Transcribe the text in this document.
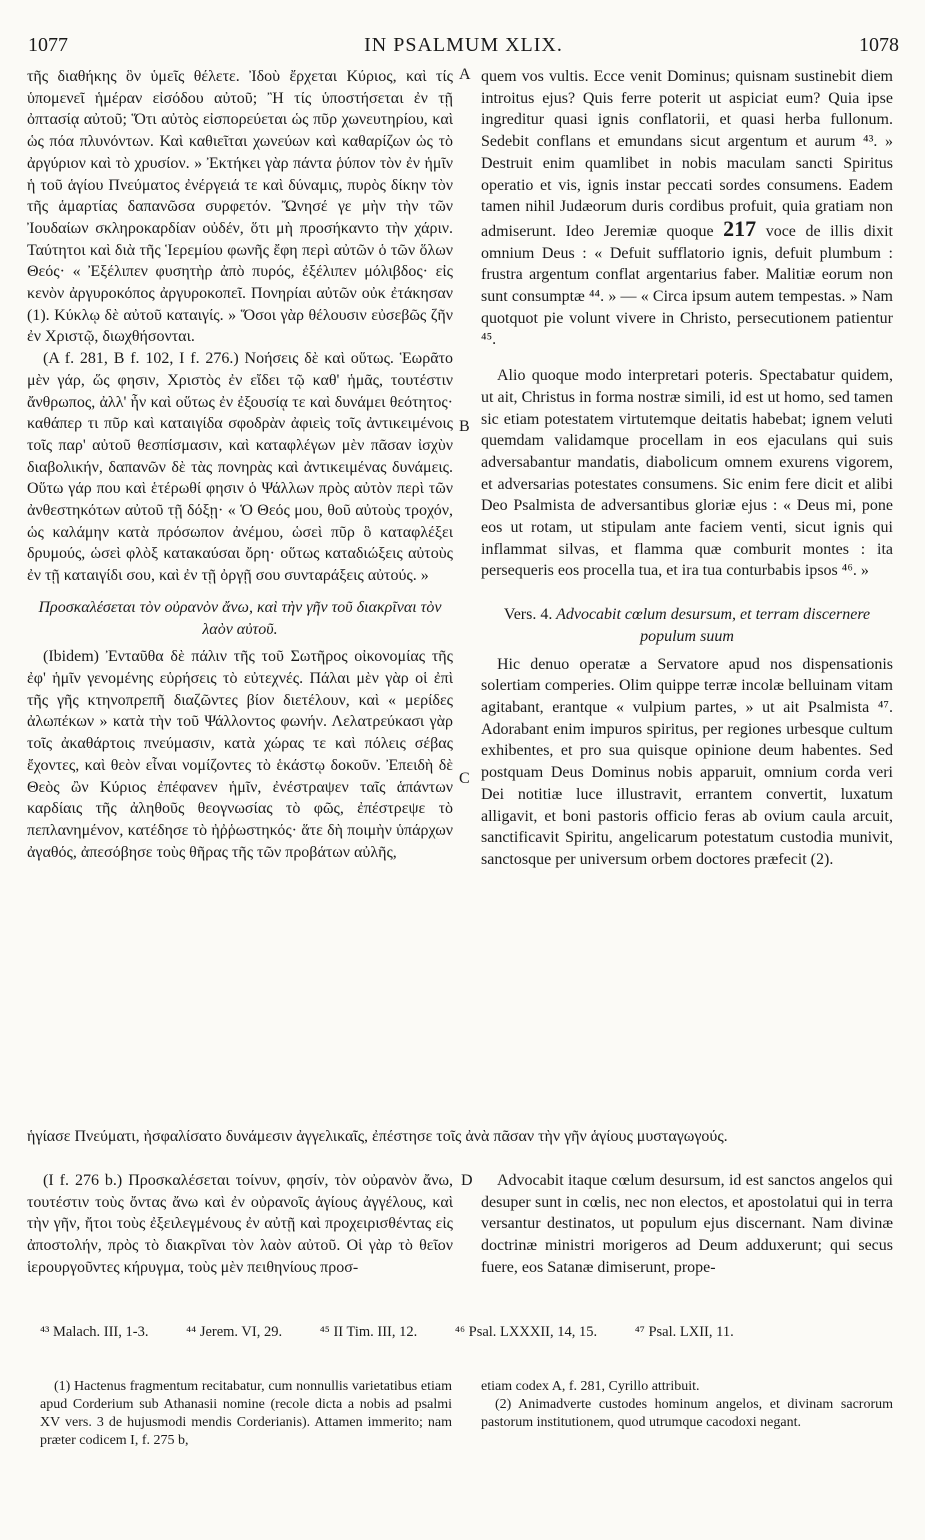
1077	IN PSALMUM XLIX.	1078

τῆς διαθήκης ὃν ὑμεῖς θέλετε. Ἰδοὺ ἔρχεται Κύριος, καὶ τίς ὑπομενεῖ ἡμέραν εἰσόδου αὐτοῦ; Ἢ τίς ὑποστήσεται ἐν τῇ ὀπτασίᾳ αὐτοῦ; Ὅτι αὐτὸς εἰσπορεύεται ὡς πῦρ χωνευτηρίου, καὶ ὡς πόα πλυνόντων. Καὶ καθιεῖται χωνεύων καὶ καθαρίζων ὡς τὸ ἀργύριον καὶ τὸ χρυσίον. » Ἐκτήκει γὰρ πάντα ῥύπον τὸν ἐν ἡμῖν ἡ τοῦ ἁγίου Πνεύματος ἐνέργειά τε καὶ δύναμις, πυρὸς δίκην τὸν τῆς ἁμαρτίας δαπανῶσα συρφετόν. Ὤνησέ γε μὴν τὴν τῶν Ἰουδαίων σκληροκαρδίαν οὐδέν, ὅτι μὴ προσήκαντο τὴν χάριν. Ταύτητοι καὶ διὰ τῆς Ἱερεμίου φωνῆς ἔφη περὶ αὐτῶν ὁ τῶν ὅλων Θεός· « Ἐξέλιπεν φυσητὴρ ἀπὸ πυρός, ἐξέλιπεν μόλιβδος· εἰς κενὸν ἀργυροκόπος ἀργυροκοπεῖ. Πονηρίαι αὐτῶν οὐκ ἐτάκησαν (1). Κύκλῳ δὲ αὐτοῦ καταιγίς. » Ὅσοι γὰρ θέλουσιν εὐσεβῶς ζῆν ἐν Χριστῷ, διωχθήσονται.

(A f. 281, B f. 102, I f. 276.) Νοήσεις δὲ καὶ οὕτως. Ἑωρᾶτο μὲν γάρ, ὥς φησιν, Χριστὸς ἐν εἴδει τῷ καθ' ἡμᾶς, τουτέστιν ἄνθρωπος, ἀλλ' ἦν καὶ οὕτως ἐν ἐξουσίᾳ τε καὶ δυνάμει θεότητος· καθάπερ τι πῦρ καὶ καταιγίδα σφοδρὰν ἀφιεὶς τοῖς ἀντικειμένοις τοῖς παρ' αὐτοῦ θεσπίσμασιν, καὶ καταφλέγων μὲν πᾶσαν ἰσχὺν διαβολικήν, δαπανῶν δὲ τὰς πονηρὰς καὶ ἀντικειμένας δυνάμεις. Οὕτω γάρ που καὶ ἑτέρωθί φησιν ὁ Ψάλλων πρὸς αὐτὸν περὶ τῶν ἀνθεστηκότων αὐτοῦ τῇ δόξῃ· « Ὁ Θεός μου, θοῦ αὐτοὺς τροχόν, ὡς καλάμην κατὰ πρόσωπον ἀνέμου, ὡσεὶ πῦρ ὃ καταφλέξει δρυμούς, ὡσεὶ φλὸξ κατακαύσαι ὄρη· οὕτως καταδιώξεις αὐτοὺς ἐν τῇ καταιγίδι σου, καὶ ἐν τῇ ὀργῇ σου συνταράξεις αὐτούς. »

Προσκαλέσεται τὸν οὐρανὸν ἄνω, καὶ τὴν γῆν τοῦ διακρῖναι τὸν λαὸν αὐτοῦ.

(Ibidem) Ἐνταῦθα δὲ πάλιν τῆς τοῦ Σωτῆρος οἰκονομίας τῆς ἐφ' ἡμῖν γενομένης εὑρήσεις τὸ εὐτεχνές. Πάλαι μὲν γὰρ οἱ ἐπὶ τῆς γῆς κτηνοπρεπῆ διαζῶντες βίον διετέλουν, καὶ « μερίδες ἀλωπέκων » κατὰ τὴν τοῦ Ψάλλοντος φωνήν. Λελατρεύκασι γὰρ τοῖς ἀκαθάρτοις πνεύμασιν, κατὰ χώρας τε καὶ πόλεις σέβας ἔχοντες, καὶ θεὸν εἶναι νομίζοντες τὸ ἑκάστῳ δοκοῦν. Ἐπειδὴ δὲ Θεὸς ὢν Κύριος ἐπέφανεν ἡμῖν, ἐνέστραψεν ταῖς ἁπάντων καρδίαις τῆς ἀληθοῦς θεογνωσίας τὸ φῶς, ἐπέστρεψε τὸ πεπλανημένον, κατέδησε τὸ ἠῤῥωστηκός· ἅτε δὴ ποιμὴν ὑπάρχων ἀγαθός, ἀπεσόβησε τοὺς θῆρας τῆς τῶν προβάτων αὐλῆς,

ἡγίασε Πνεύματι, ἠσφαλίσατο δυνάμεσιν ἀγγελικαῖς, ἐπέστησε τοῖς ἀνὰ πᾶσαν τὴν γῆν ἁγίους μυσταγωγούς.

(I f. 276 b.) Προσκαλέσεται τοίνυν, φησίν, τὸν οὐρανὸν ἄνω, τουτέστιν τοὺς ὄντας ἄνω καὶ ἐν οὐρανοῖς ἁγίους ἀγγέλους, καὶ τὴν γῆν, ἤτοι τοὺς ἐξειλεγμένους ἐν αὐτῇ καὶ προχειρισθέντας εἰς ἀποστολήν, πρὸς τὸ διακρῖναι τὸν λαὸν αὐτοῦ. Οἱ γὰρ τὸ θεῖον ἱερουργοῦντες κήρυγμα, τοὺς μὲν πειθηνίους προσ-

quem vos vultis. Ecce venit Dominus; quisnam sustinebit diem introitus ejus? Quis ferre poterit ut aspiciat eum? Quia ipse ingreditur quasi ignis conflatorii, et quasi herba fullonum. Sedebit conflans et emundans sicut argentum et aurum ⁴³. » Destruit enim quamlibet in nobis maculam sancti Spiritus operatio et vis, ignis instar peccati sordes consumens. Eadem tamen nihil Judæorum duris cordibus profuit, quia gratiam non admiserunt. Ideo Jeremiæ quoque 217 voce de illis dixit omnium Deus : « Defuit sufflatorio ignis, defuit plumbum : frustra argentum conflat argentarius faber. Malitiæ eorum non sunt consumptæ ⁴⁴. » — « Circa ipsum autem tempestas. » Nam quotquot pie volunt vivere in Christo, persecutionem patientur ⁴⁵.

Alio quoque modo interpretari poteris. Spectabatur quidem, ut ait, Christus in forma nostræ simili, id est ut homo, sed tamen sic etiam potestatem virtutemque deitatis habebat; ignem veluti quemdam validamque procellam in eos ejaculans qui suis adversabantur mandatis, diabolicum omnem exurens vigorem, et adversarias potestates consumens. Sic enim fere dicit et alibi Deo Psalmista de adversantibus gloriæ ejus : « Deus mi, pone eos ut rotam, ut stipulam ante faciem venti, sicut ignis qui inflammat silvas, et flamma quæ comburit montes : ita persequeris eos procella tua, et ira tua conturbabis ipsos ⁴⁶. »

Vers. 4. Advocabit cœlum desursum, et terram discernere populum suum

Hic denuo operatæ a Servatore apud nos dispensationis solertiam comperies. Olim quippe terræ incolæ belluinam vitam agitabant, erantque « vulpium partes, » ut ait Psalmista ⁴⁷. Adorabant enim impuros spiritus, per regiones urbesque cultum exhibentes, et pro sua quisque opinione deum habentes. Sed postquam Deus Dominus nobis apparuit, omnium corda veri Dei notitiæ luce illustravit, errantem convertit, luxatum alligavit, et boni pastoris officio feras ab ovium caula arcuit, sanctificavit Spiritu, angelicarum potestatum custodia munivit, sanctosque per universum orbem doctores præfecit (2).

Advocabit itaque cœlum desursum, id est sanctos angelos qui desuper sunt in cœlis, nec non electos, et apostolatui qui in terra versantur destinatos, ut populum ejus discernant. Nam divinæ doctrinæ ministri morigeros ad Deum adduxerunt; qui secus fuere, eos Satanæ dimiserunt, prope-

A
B
C
D
⁴³ Malach. III, 1-3.	⁴⁴ Jerem. VI, 29.	⁴⁵ II Tim. III, 12.	⁴⁶ Psal. LXXXII, 14, 15.	⁴⁷ Psal. LXII, 11.

(1) Hactenus fragmentum recitabatur, cum nonnullis varietatibus etiam apud Corderium sub Athanasii nomine (recole dicta a nobis ad psalmi XV vers. 3 de hujusmodi mendis Corderianis). Attamen immerito; nam præter codicem I, f. 275 b,

etiam codex A, f. 281, Cyrillo attribuit.

(2) Animadverte custodes hominum angelos, et divinam sacrorum pastorum institutionem, quod utrumque cacodoxi negant.
